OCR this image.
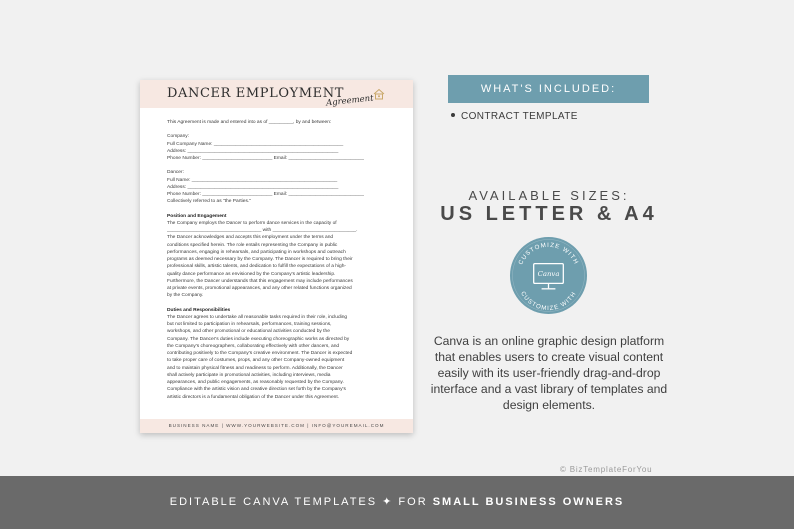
DANCER EMPLOYMENT
Agreement
This Agreement is made and entered into as of _________, by and between:
Company:
Full Company Name: ________________________________________________
Address: ________________________________________________________
Phone Number: __________________________ Email: ____________________________
Dancer:
Full Name: ______________________________________________________
Address: ________________________________________________________
Phone Number: __________________________ Email: ____________________________
Collectively referred to as "the Parties."
Position and Engagement
The Company employs the Dancer to perform dance services in the capacity of
___________________________________ with _______________________________.
The Dancer acknowledges and accepts this employment under the terms and
conditions specified herein. The role entails representing the Company in public
performances, engaging in rehearsals, and participating in workshops and outreach
programs as deemed necessary by the Company. The Dancer is required to bring their
professional skills, artistic talents, and dedication to fulfill the expectations of a high-
quality dance performance as envisioned by the Company's artistic leadership.
Furthermore, the Dancer understands that this engagement may include performances
at private events, promotional appearances, and any other related functions organized
by the Company.
Duties and Responsibilities
The Dancer agrees to undertake all reasonable tasks required in their role, including
but not limited to participation in rehearsals, performances, training sessions,
workshops, and other promotional or educational activities conducted by the
Company. The Dancer's duties include executing choreographic works as directed by
the Company's choreographers, collaborating effectively with other dancers, and
contributing positively to the Company's creative environment. The Dancer is expected
to take proper care of costumes, props, and any other Company-owned equipment
and to maintain physical fitness and readiness to perform. Additionally, the Dancer
shall actively participate in promotional activities, including interviews, media
appearances, and public engagements, as reasonably requested by the Company.
Compliance with the artistic vision and creative direction set forth by the Company's
artistic directors is a fundamental obligation of the Dancer under this Agreement.
BUSINESS NAME | WWW.YOURWEBSITE.COM | INFO@YOUREMAIL.COM
WHAT'S INCLUDED:
CONTRACT TEMPLATE
AVAILABLE SIZES:
US LETTER & A4
CUSTOMIZE WITH
CUSTOMIZE WITH
Canva
Canva is an online graphic design platform that enables users to create visual content easily with its user-friendly drag-and-drop interface and a vast library of templates and design elements.
© BizTemplateForYou
EDITABLE CANVA TEMPLATES ✦ FOR SMALL BUSINESS OWNERS
